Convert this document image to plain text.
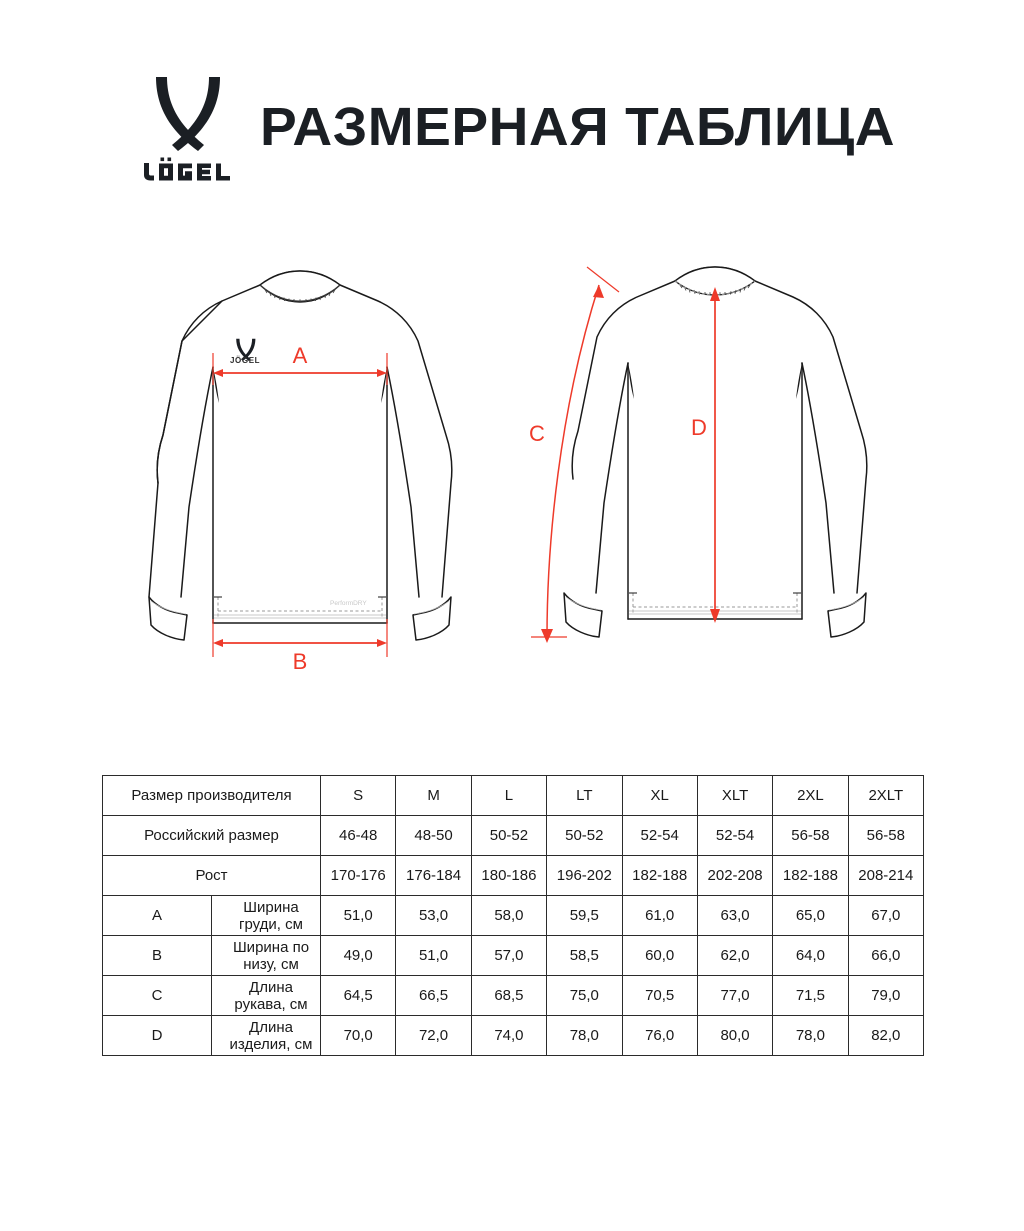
РАЗМЕРНАЯ ТАБЛИЦА
JÖGEL
PerformDRY
A
B
C	D
Размер производителя		S	M	L	LT	XL	XLT	2XL	2XLT
Российский размер		46-48	48-50	50-52	50-52	52-54	52-54	56-58	56-58
Рост		170-176	176-184	180-186	196-202	182-188	202-208	182-188	208-214
A	Ширина груди, см	51,0	53,0	58,0	59,5	61,0	63,0	65,0	67,0
B	Ширина по низу, см	49,0	51,0	57,0	58,5	60,0	62,0	64,0	66,0
C	Длина рукава, см	64,5	66,5	68,5	75,0	70,5	77,0	71,5	79,0
D	Длина изделия, см	70,0	72,0	74,0	78,0	76,0	80,0	78,0	82,0
